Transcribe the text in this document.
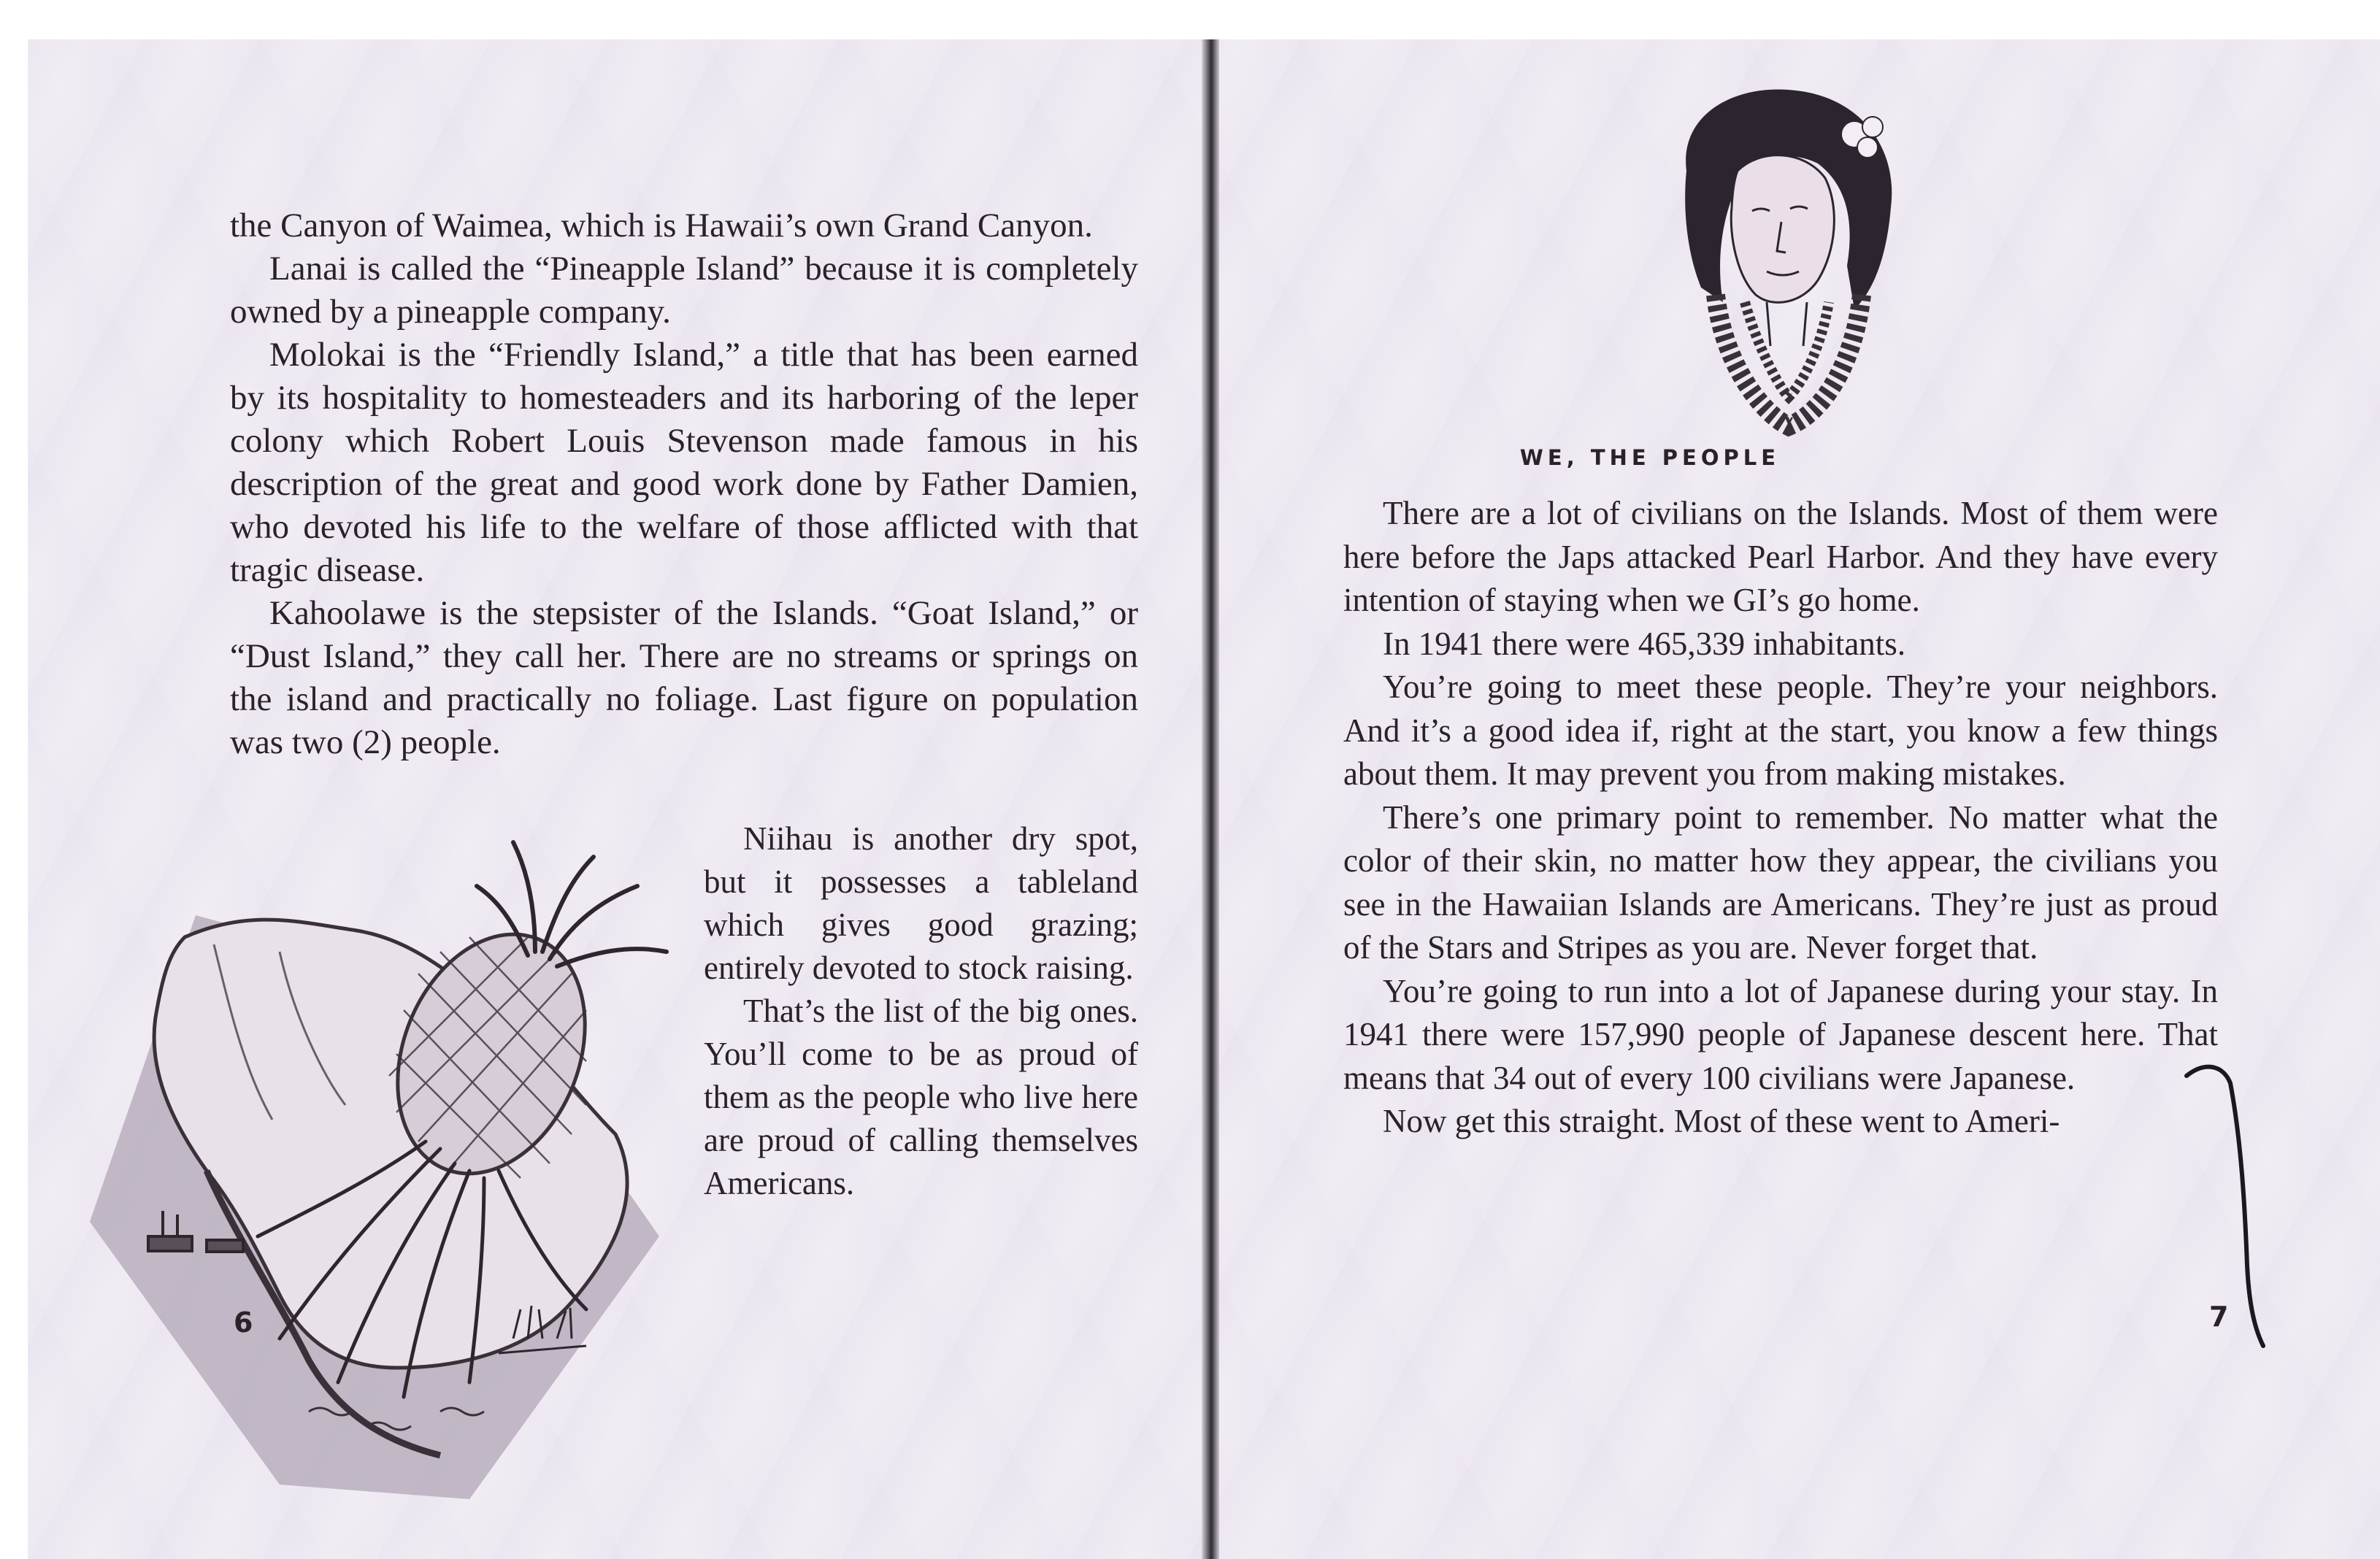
the Canyon of Waimea, which is Hawaii’s own Grand Canyon.

Lanai is called the “Pineapple Island” because it is completely owned by a pineapple company.

Molokai is the “Friendly Island,” a title that has been earned by its hospitality to homesteaders and its harboring of the leper colony which Robert Louis Stevenson made famous in his description of the great and good work done by Father Damien, who devoted his life to the welfare of those afflicted with that tragic disease.

Kahoolawe is the stepsister of the Islands. “Goat Island,” or “Dust Island,” they call her. There are no streams or springs on the island and practically no foliage. Last figure on population was two (2) people.

Niihau is another dry spot, but it possesses a tableland which gives good grazing; entirely devoted to stock raising.

That’s the list of the big ones. You’ll come to be as proud of them as the people who live here are proud of calling themselves Americans.

6
WE, THE PEOPLE

There are a lot of civilians on the Islands. Most of them were here before the Japs attacked Pearl Harbor. And they have every intention of staying when we GI’s go home.

In 1941 there were 465,339 inhabitants.

You’re going to meet these people. They’re your neighbors. And it’s a good idea if, right at the start, you know a few things about them. It may prevent you from making mistakes.

There’s one primary point to remember. No matter what the color of their skin, no matter how they appear, the civilians you see in the Hawaiian Islands are Americans. They’re just as proud of the Stars and Stripes as you are. Never forget that.

You’re going to run into a lot of Japanese during your stay. In 1941 there were 157,990 people of Japanese descent here. That means that 34 out of every 100 civilians were Japanese.

Now get this straight. Most of these went to Ameri-

7
